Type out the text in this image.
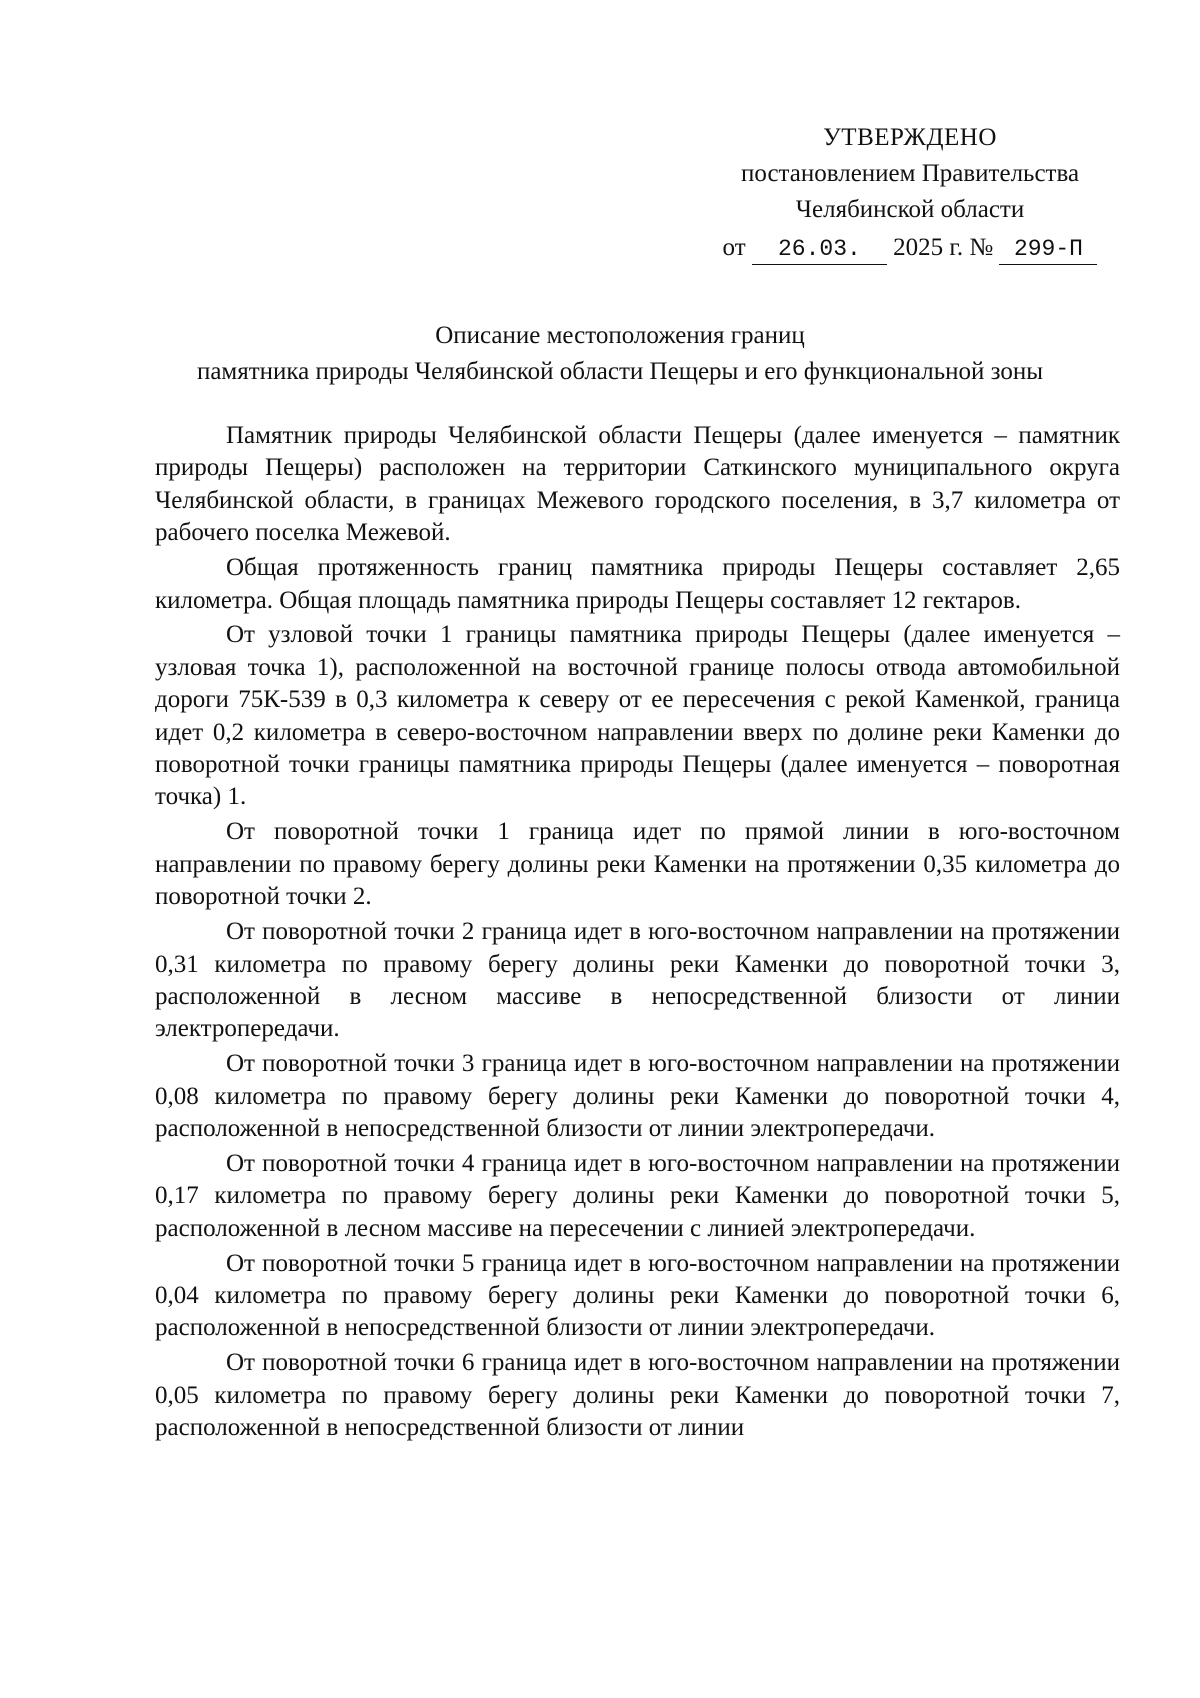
УТВЕРЖДЕНО
постановлением Правительства
Челябинской области
от 26.03. 2025 г. № 299-П
Описание местоположения границ
памятника природы Челябинской области Пещеры и его функциональной зоны

Памятник природы Челябинской области Пещеры (далее именуется – памятник природы Пещеры) расположен на территории Саткинского муниципального округа Челябинской области, в границах Межевого городского поселения, в 3,7 километра от рабочего поселка Межевой.

Общая протяженность границ памятника природы Пещеры составляет 2,65 километра. Общая площадь памятника природы Пещеры составляет 12 гектаров.

От узловой точки 1 границы памятника природы Пещеры (далее именуется – узловая точка 1), расположенной на восточной границе полосы отвода автомобильной дороги 75К-539 в 0,3 километра к северу от ее пересечения с рекой Каменкой, граница идет 0,2 километра в северо-восточном направлении вверх по долине реки Каменки до поворотной точки границы памятника природы Пещеры (далее именуется – поворотная точка) 1.

От поворотной точки 1 граница идет по прямой линии в юго-восточном направлении по правому берегу долины реки Каменки на протяжении 0,35 километра до поворотной точки 2.

От поворотной точки 2 граница идет в юго-восточном направлении на протяжении 0,31 километра по правому берегу долины реки Каменки до поворотной точки 3, расположенной в лесном массиве в непосредственной близости от линии электропередачи.

От поворотной точки 3 граница идет в юго-восточном направлении на протяжении 0,08 километра по правому берегу долины реки Каменки до поворотной точки 4, расположенной в непосредственной близости от линии электропередачи.

От поворотной точки 4 граница идет в юго-восточном направлении на протяжении 0,17 километра по правому берегу долины реки Каменки до поворотной точки 5, расположенной в лесном массиве на пересечении с линией электропередачи.

От поворотной точки 5 граница идет в юго-восточном направлении на протяжении 0,04 километра по правому берегу долины реки Каменки до поворотной точки 6, расположенной в непосредственной близости от линии электропередачи.

От поворотной точки 6 граница идет в юго-восточном направлении на протяжении 0,05 километра по правому берегу долины реки Каменки до поворотной точки 7, расположенной в непосредственной близости от линии
